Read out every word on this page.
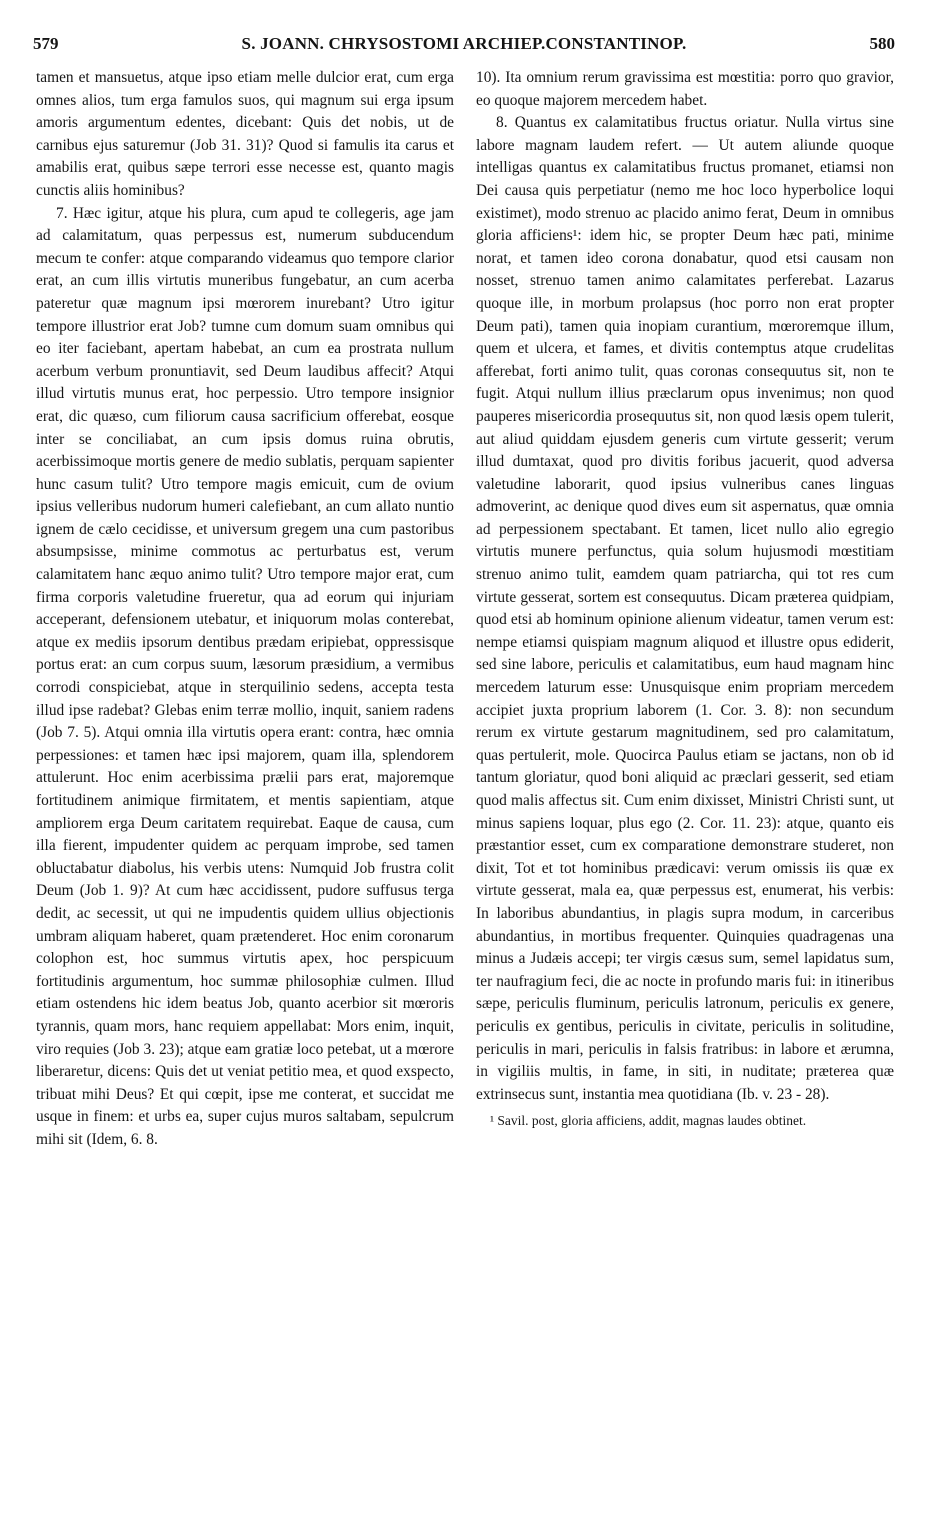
579	S. JOANN. CHRYSOSTOMI ARCHIEP.CONSTANTINOP.	580

tamen et mansuetus, atque ipso etiam melle dulcior erat, cum erga omnes alios, tum erga famulos suos, qui magnum sui erga ipsum amoris argumentum edentes, dicebant: Quis det nobis, ut de carnibus ejus saturemur (Job 31. 31)? Quod si famulis ita carus et amabilis erat, quibus sæpe terrori esse necesse est, quanto magis cunctis aliis hominibus?

7. Hæc igitur, atque his plura, cum apud te collegeris, age jam ad calamitatum, quas perpessus est, numerum subducendum mecum te confer: atque comparando videamus quo tempore clarior erat, an cum illis virtutis muneribus fungebatur, an cum acerba pateretur quæ magnum ipsi mœrorem inurebant? Utro igitur tempore illustrior erat Job? tumne cum domum suam omnibus qui eo iter faciebant, apertam habebat, an cum ea prostrata nullum acerbum verbum pronuntiavit, sed Deum laudibus affecit? Atqui illud virtutis munus erat, hoc perpessio. Utro tempore insignior erat, dic quæso, cum filiorum causa sacrificium offerebat, eosque inter se conciliabat, an cum ipsis domus ruina obrutis, acerbissimoque mortis genere de medio sublatis, perquam sapienter hunc casum tulit? Utro tempore magis emicuit, cum de ovium ipsius velleribus nudorum humeri calefiebant, an cum allato nuntio ignem de cælo cecidisse, et universum gregem una cum pastoribus absumpsisse, minime commotus ac perturbatus est, verum calamitatem hanc æquo animo tulit? Utro tempore major erat, cum firma corporis valetudine frueretur, qua ad eorum qui injuriam acceperant, defensionem utebatur, et iniquorum molas conterebat, atque ex mediis ipsorum dentibus prædam eripiebat, oppressisque portus erat: an cum corpus suum, læsorum præsidium, a vermibus corrodi conspiciebat, atque in sterquilinio sedens, accepta testa illud ipse radebat? Glebas enim terræ mollio, inquit, saniem radens (Job 7. 5). Atqui omnia illa virtutis opera erant: contra, hæc omnia perpessiones: et tamen hæc ipsi majorem, quam illa, splendorem attulerunt. Hoc enim acerbissima prælii pars erat, majoremque fortitudinem animique firmitatem, et mentis sapientiam, atque ampliorem erga Deum caritatem requirebat. Eaque de causa, cum illa fierent, impudenter quidem ac perquam improbe, sed tamen obluctabatur diabolus, his verbis utens: Numquid Job frustra colit Deum (Job 1. 9)? At cum hæc accidissent, pudore suffusus terga dedit, ac secessit, ut qui ne impudentis quidem ullius objectionis umbram aliquam haberet, quam prætenderet. Hoc enim coronarum colophon est, hoc summus virtutis apex, hoc perspicuum fortitudinis argumentum, hoc summæ philosophiæ culmen. Illud etiam ostendens hic idem beatus Job, quanto acerbior sit mœroris tyrannis, quam mors, hanc requiem appellabat: Mors enim, inquit, viro requies (Job 3. 23); atque eam gratiæ loco petebat, ut a mœrore liberaretur, dicens: Quis det ut veniat petitio mea, et quod exspecto, tribuat mihi Deus? Et qui cœpit, ipse me conterat, et succidat me usque in finem: et urbs ea, super cujus muros saltabam, sepulcrum mihi sit (Idem, 6. 8.

10). Ita omnium rerum gravissima est mœstitia: porro quo gravior, eo quoque majorem mercedem habet.

8. Quantus ex calamitatibus fructus oriatur. Nulla virtus sine labore magnam laudem refert. — Ut autem aliunde quoque intelligas quantus ex calamitatibus fructus promanet, etiamsi non Dei causa quis perpetiatur (nemo me hoc loco hyperbolice loqui existimet), modo strenuo ac placido animo ferat, Deum in omnibus gloria afficiens¹: idem hic, se propter Deum hæc pati, minime norat, et tamen ideo corona donabatur, quod etsi causam non nosset, strenuo tamen animo calamitates perferebat. Lazarus quoque ille, in morbum prolapsus (hoc porro non erat propter Deum pati), tamen quia inopiam curantium, mœroremque illum, quem et ulcera, et fames, et divitis contemptus atque crudelitas afferebat, forti animo tulit, quas coronas consequutus sit, non te fugit. Atqui nullum illius præclarum opus invenimus; non quod pauperes misericordia prosequutus sit, non quod læsis opem tulerit, aut aliud quiddam ejusdem generis cum virtute gesserit; verum illud dumtaxat, quod pro divitis foribus jacuerit, quod adversa valetudine laborarit, quod ipsius vulneribus canes linguas admoverint, ac denique quod dives eum sit aspernatus, quæ omnia ad perpessionem spectabant. Et tamen, licet nullo alio egregio virtutis munere perfunctus, quia solum hujusmodi mœstitiam strenuo animo tulit, eamdem quam patriarcha, qui tot res cum virtute gesserat, sortem est consequutus. Dicam præterea quidpiam, quod etsi ab hominum opinione alienum videatur, tamen verum est: nempe etiamsi quispiam magnum aliquod et illustre opus ediderit, sed sine labore, periculis et calamitatibus, eum haud magnam hinc mercedem laturum esse: Unusquisque enim propriam mercedem accipiet juxta proprium laborem (1. Cor. 3. 8): non secundum rerum ex virtute gestarum magnitudinem, sed pro calamitatum, quas pertulerit, mole. Quocirca Paulus etiam se jactans, non ob id tantum gloriatur, quod boni aliquid ac præclari gesserit, sed etiam quod malis affectus sit. Cum enim dixisset, Ministri Christi sunt, ut minus sapiens loquar, plus ego (2. Cor. 11. 23): atque, quanto eis præstantior esset, cum ex comparatione demonstrare studeret, non dixit, Tot et tot hominibus prædicavi: verum omissis iis quæ ex virtute gesserat, mala ea, quæ perpessus est, enumerat, his verbis: In laboribus abundantius, in plagis supra modum, in carceribus abundantius, in mortibus frequenter. Quinquies quadragenas una minus a Judæis accepi; ter virgis cæsus sum, semel lapidatus sum, ter naufragium feci, die ac nocte in profundo maris fui: in itineribus sæpe, periculis fluminum, periculis latronum, periculis ex genere, periculis ex gentibus, periculis in civitate, periculis in solitudine, periculis in mari, periculis in falsis fratribus: in labore et ærumna, in vigiliis multis, in fame, in siti, in nuditate; præterea quæ extrinsecus sunt, instantia mea quotidiana (Ib. v. 23 - 28).

¹ Savil. post, gloria afficiens, addit, magnas laudes obtinet.
